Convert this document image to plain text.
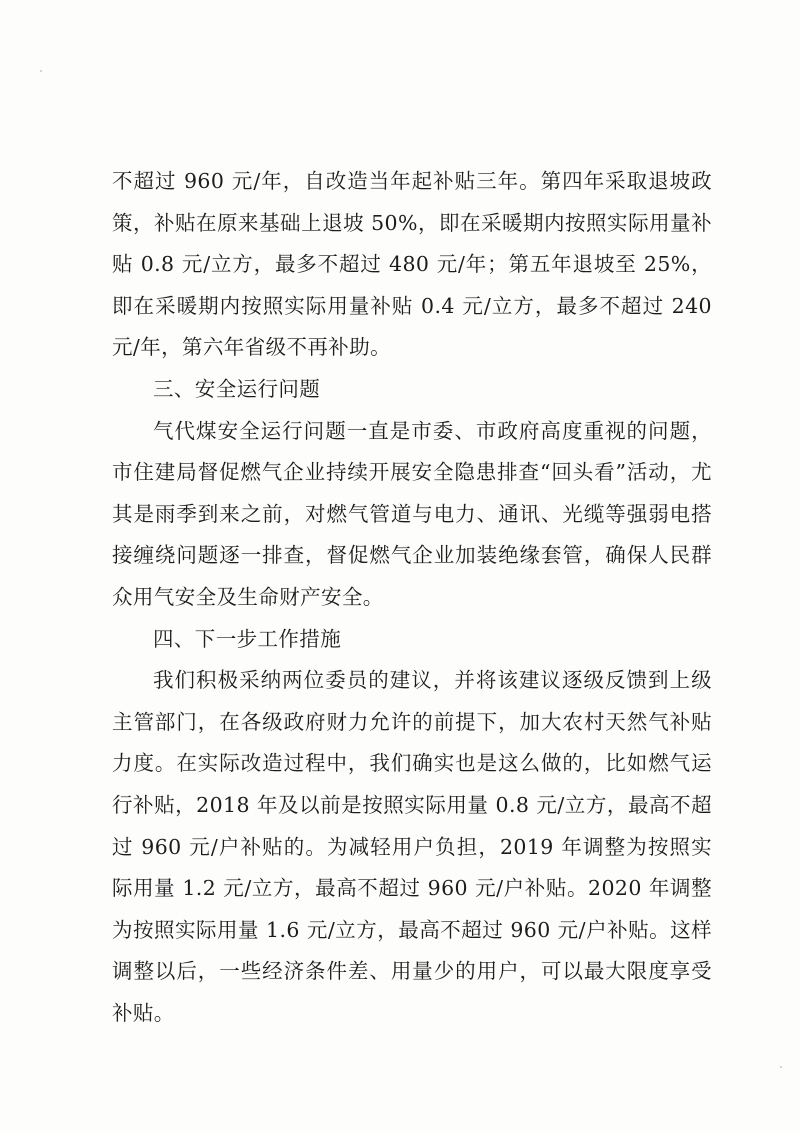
不超过 960 元/年，自改造当年起补贴三年。第四年采取退坡政策，补贴在原来基础上退坡 50%，即在采暖期内按照实际用量补贴 0.8 元/立方，最多不超过 480 元/年；第五年退坡至 25%，即在采暖期内按照实际用量补贴 0.4 元/立方，最多不超过 240 元/年，第六年省级不再补助。

三、安全运行问题

气代煤安全运行问题一直是市委、市政府高度重视的问题，市住建局督促燃气企业持续开展安全隐患排查“回头看”活动，尤其是雨季到来之前，对燃气管道与电力、通讯、光缆等强弱电搭接缠绕问题逐一排查，督促燃气企业加装绝缘套管，确保人民群众用气安全及生命财产安全。

四、下一步工作措施

我们积极采纳两位委员的建议，并将该建议逐级反馈到上级主管部门，在各级政府财力允许的前提下，加大农村天然气补贴力度。在实际改造过程中，我们确实也是这么做的，比如燃气运行补贴，2018 年及以前是按照实际用量 0.8 元/立方，最高不超过 960 元/户补贴的。为减轻用户负担，2019 年调整为按照实际用量 1.2 元/立方，最高不超过 960 元/户补贴。2020 年调整为按照实际用量 1.6 元/立方，最高不超过 960 元/户补贴。这样调整以后，一些经济条件差、用量少的用户，可以最大限度享受补贴。
